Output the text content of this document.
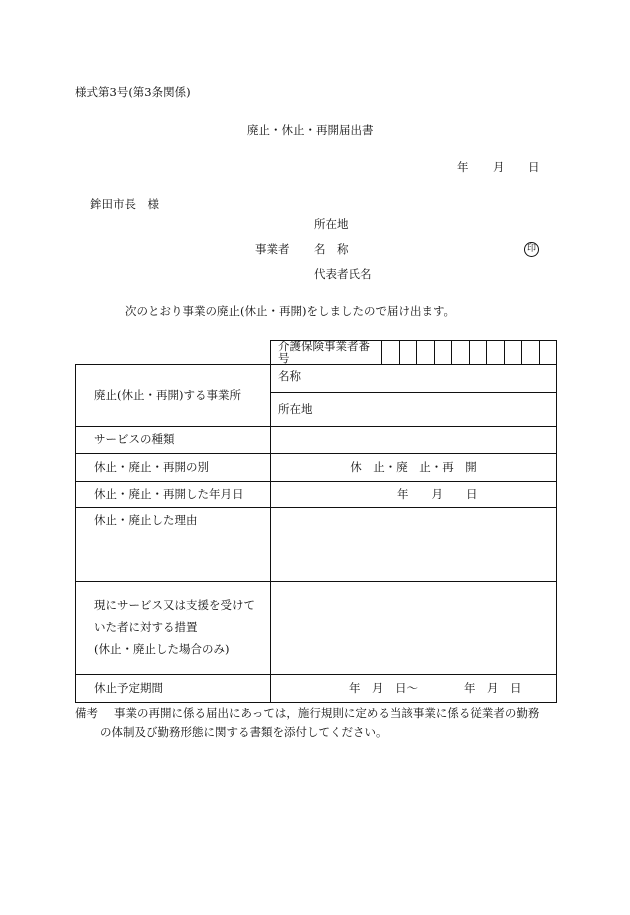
様式第3号(第3条関係)
廃止・休止・再開届出書
年 月 日
鉾田市長　様
所在地
事業者 名　称	印
代表者氏名
次のとおり事業の廃止(休止・再開)をしましたので届け出ます。

介護保険事業者番号

廃止(休止・再開)する事業所	名称
	所在地
サービスの種類	
休止・廃止・再開の別	休　止・廃　止・再　開
休止・廃止・再開した年月日	年　　月　　日
休止・廃止した理由	

現にサービス又は支援を受けて
いた者に対する措置
(休止・廃止した場合のみ)	

休止予定期間	年　月　日～　　　　年　月　日
備考 事業の再開に係る届出にあっては，施行規則に定める当該事業に係る従業者の勤務
の体制及び勤務形態に関する書類を添付してください。
